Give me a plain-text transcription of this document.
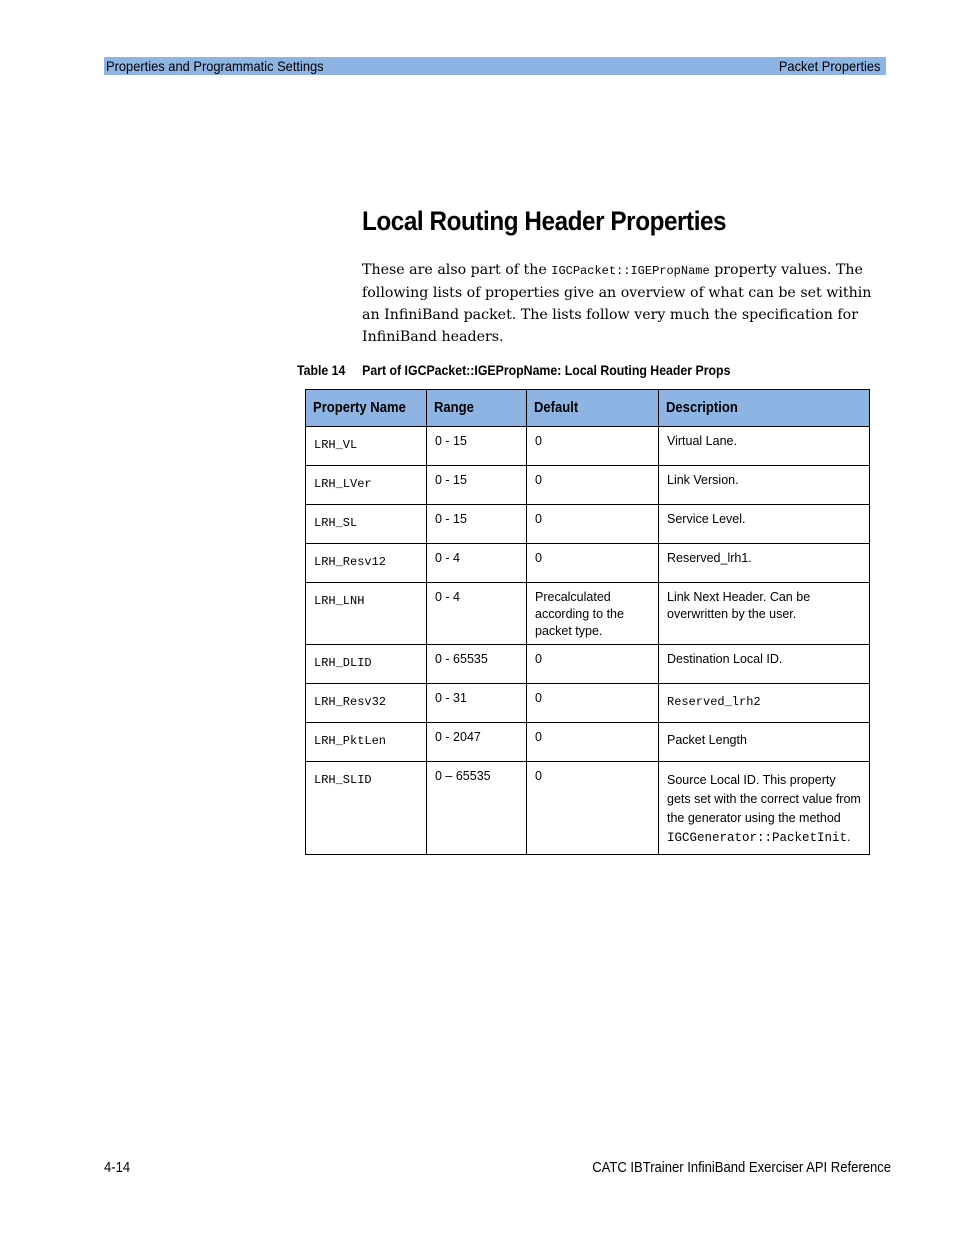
Properties and Programmatic Settings	Packet Properties
Local Routing Header Properties

These are also part of the IGCPacket::IGEPropName property values. The following lists of properties give an overview of what can be set within an InfiniBand packet. The lists follow very much the specification for InfiniBand headers.

Table 14 Part of IGCPacket::IGEPropName: Local Routing Header Props
Property Name	Range	Default	Description
LRH_VL	0 - 15	0	Virtual Lane.
LRH_LVer	0 - 15	0	Link Version.
LRH_SL	0 - 15	0	Service Level.
LRH_Resv12	0 - 4	0	Reserved_lrh1.
LRH_LNH	0 - 4	Precalculated according to the packet type.	Link Next Header. Can be overwritten by the user.
LRH_DLID	0 - 65535	0	Destination Local ID.
LRH_Resv32	0 - 31	0	Reserved_lrh2
LRH_PktLen	0 - 2047	0	Packet Length
LRH_SLID	0 – 65535	0	Source Local ID. This property gets set with the correct value from the generator using the method IGCGenerator::PacketInit.
4-14	CATC IBTrainer InfiniBand Exerciser API Reference
